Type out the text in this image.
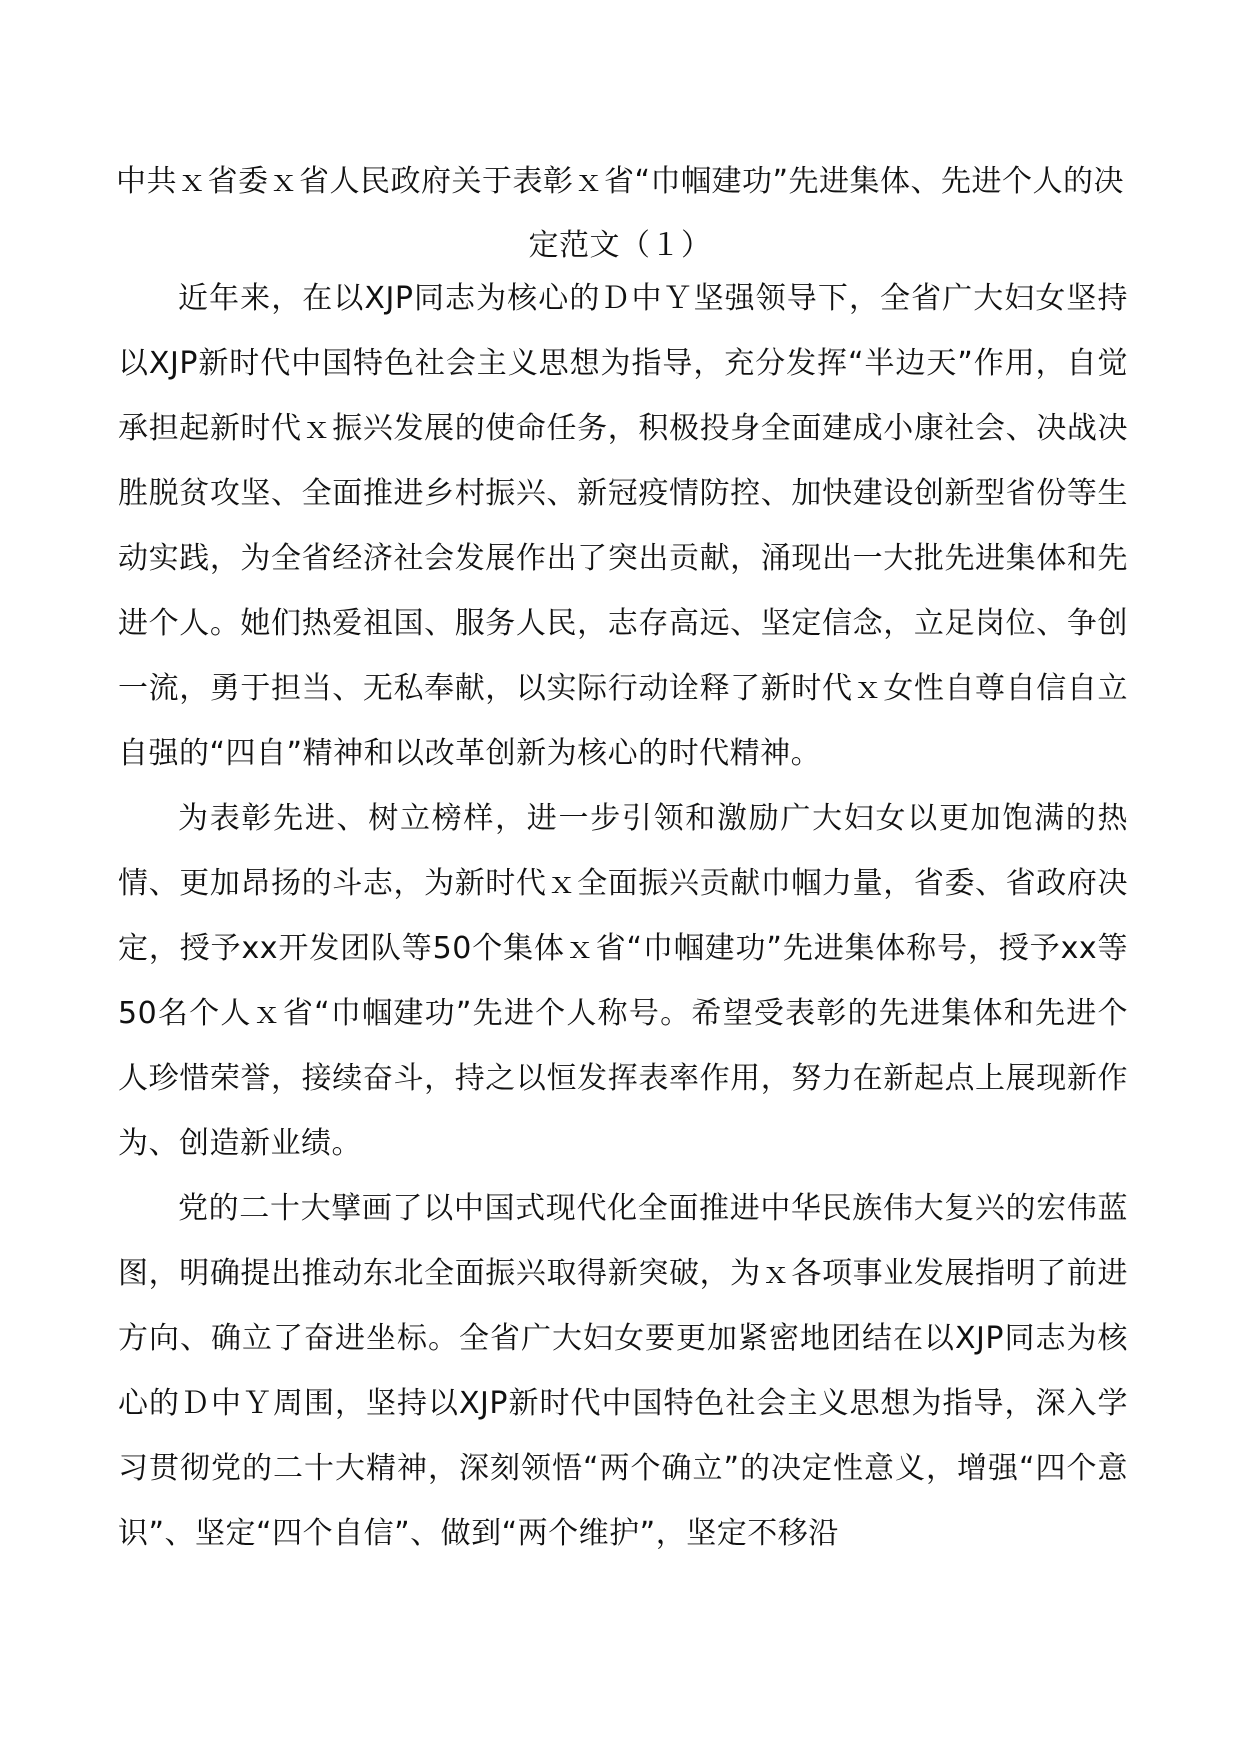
中共ｘ省委ｘ省人民政府关于表彰ｘ省“巾帼建功”先进集体、先进个人的决定范文（１）

近年来，在以XJP同志为核心的Ｄ中Ｙ坚强领导下，全省广大妇女坚持以XJP新时代中国特色社会主义思想为指导，充分发挥“半边天”作用，自觉承担起新时代ｘ振兴发展的使命任务，积极投身全面建成小康社会、决战决胜脱贫攻坚、全面推进乡村振兴、新冠疫情防控、加快建设创新型省份等生动实践，为全省经济社会发展作出了突出贡献，涌现出一大批先进集体和先进个人。她们热爱祖国、服务人民，志存高远、坚定信念，立足岗位、争创一流，勇于担当、无私奉献，以实际行动诠释了新时代ｘ女性自尊自信自立自强的“四自”精神和以改革创新为核心的时代精神。

为表彰先进、树立榜样，进一步引领和激励广大妇女以更加饱满的热情、更加昂扬的斗志，为新时代ｘ全面振兴贡献巾帼力量，省委、省政府决定，授予xx开发团队等50个集体ｘ省“巾帼建功”先进集体称号，授予xx等50名个人ｘ省“巾帼建功”先进个人称号。希望受表彰的先进集体和先进个人珍惜荣誉，接续奋斗，持之以恒发挥表率作用，努力在新起点上展现新作为、创造新业绩。

党的二十大擘画了以中国式现代化全面推进中华民族伟大复兴的宏伟蓝图，明确提出推动东北全面振兴取得新突破，为ｘ各项事业发展指明了前进方向、确立了奋进坐标。全省广大妇女要更加紧密地团结在以XJP同志为核心的Ｄ中Ｙ周围，坚持以XJP新时代中国特色社会主义思想为指导，深入学习贯彻党的二十大精神，深刻领悟“两个确立”的决定性意义，增强“四个意识”、坚定“四个自信”、做到“两个维护”，坚定不移沿
